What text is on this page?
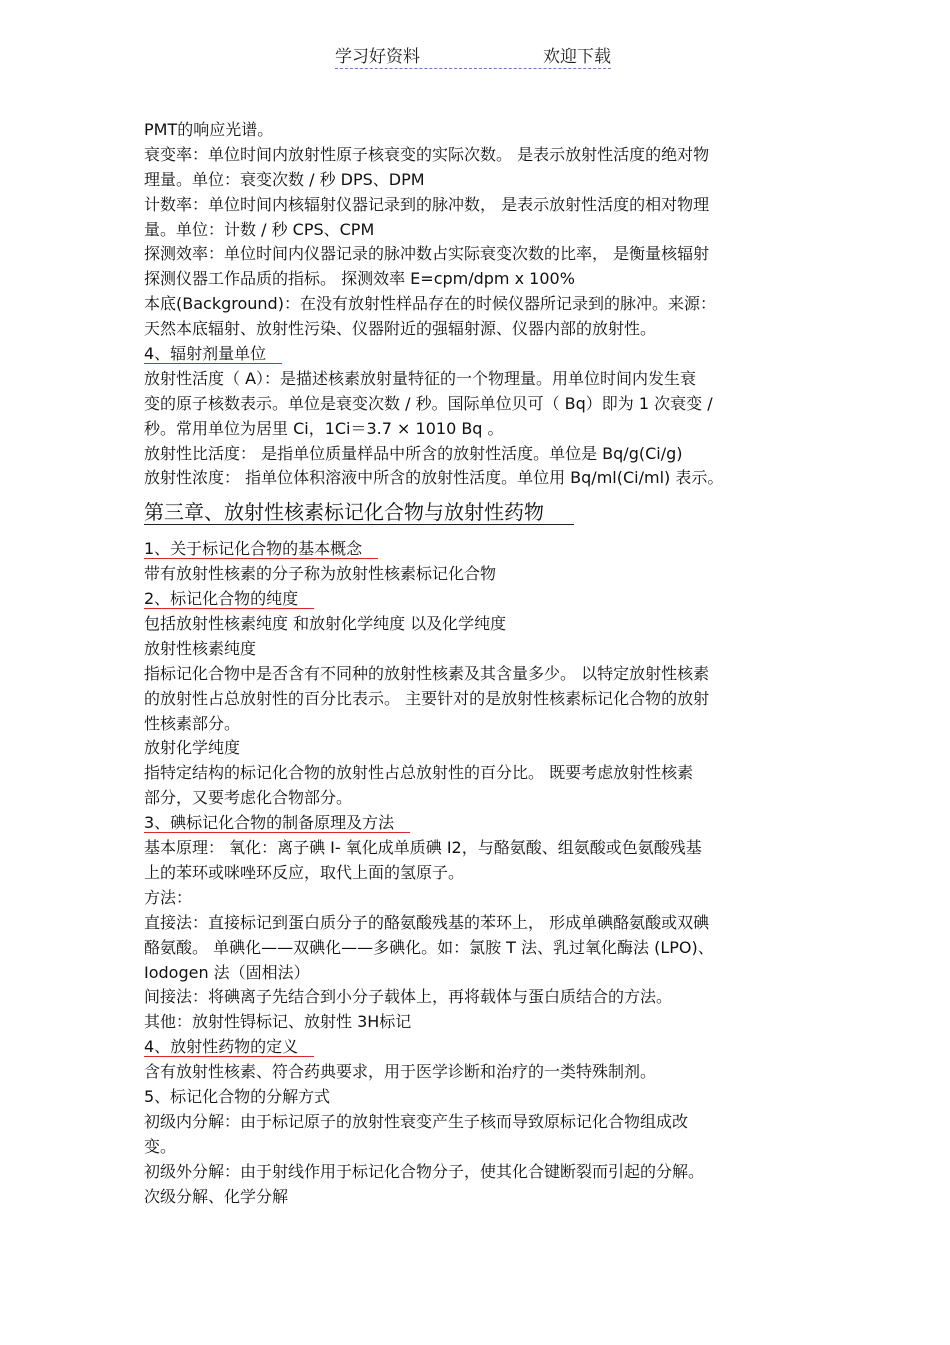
学习好资料	欢迎下载
PMT的响应光谱。
衰变率：单位时间内放射性原子核衰变的实际次数。 是表示放射性活度的绝对物
理量。单位：衰变次数 / 秒 DPS、DPM
计数率：单位时间内核辐射仪器记录到的脉冲数， 是表示放射性活度的相对物理
量。单位：计数 / 秒 CPS、CPM
探测效率：单位时间内仪器记录的脉冲数占实际衰变次数的比率， 是衡量核辐射
探测仪器工作品质的指标。 探测效率 E=cpm/dpm x 100%
本底(Background)：在没有放射性样品存在的时候仪器所记录到的脉冲。来源：
天然本底辐射、放射性污染、仪器附近的强辐射源、仪器内部的放射性。
4、辐射剂量单位
放射性活度（ A）：是描述核素放射量特征的一个物理量。用单位时间内发生衰
变的原子核数表示。单位是衰变次数 / 秒。国际单位贝可（ Bq）即为 1 次衰变 /
秒。常用单位为居里 Ci，1Ci＝3.7 × 1010 Bq 。
放射性比活度： 是指单位质量样品中所含的放射性活度。单位是 Bq/g(Ci/g)
放射性浓度： 指单位体积溶液中所含的放射性活度。单位用 Bq/ml(Ci/ml) 表示。
第三章、放射性核素标记化合物与放射性药物
1、关于标记化合物的基本概念
带有放射性核素的分子称为放射性核素标记化合物
2、标记化合物的纯度
包括放射性核素纯度 和放射化学纯度 以及化学纯度
放射性核素纯度
指标记化合物中是否含有不同种的放射性核素及其含量多少。 以特定放射性核素
的放射性占总放射性的百分比表示。 主要针对的是放射性核素标记化合物的放射
性核素部分。
放射化学纯度
指特定结构的标记化合物的放射性占总放射性的百分比。 既要考虑放射性核素
部分，又要考虑化合物部分。
3、碘标记化合物的制备原理及方法
基本原理： 氧化：离子碘 I- 氧化成单质碘 I2，与酪氨酸、组氨酸或色氨酸残基
上的苯环或咪唑环反应，取代上面的氢原子。
方法：
直接法：直接标记到蛋白质分子的酪氨酸残基的苯环上， 形成单碘酪氨酸或双碘
酪氨酸。 单碘化——双碘化——多碘化。如：氯胺 T 法、乳过氧化酶法 (LPO)、
Iodogen 法（固相法）
间接法：将碘离子先结合到小分子载体上，再将载体与蛋白质结合的方法。
其他：放射性锝标记、放射性 3H标记
4、放射性药物的定义
含有放射性核素、符合药典要求，用于医学诊断和治疗的一类特殊制剂。
5、标记化合物的分解方式
初级内分解：由于标记原子的放射性衰变产生子核而导致原标记化合物组成改
变。
初级外分解：由于射线作用于标记化合物分子，使其化合键断裂而引起的分解。
次级分解、化学分解
